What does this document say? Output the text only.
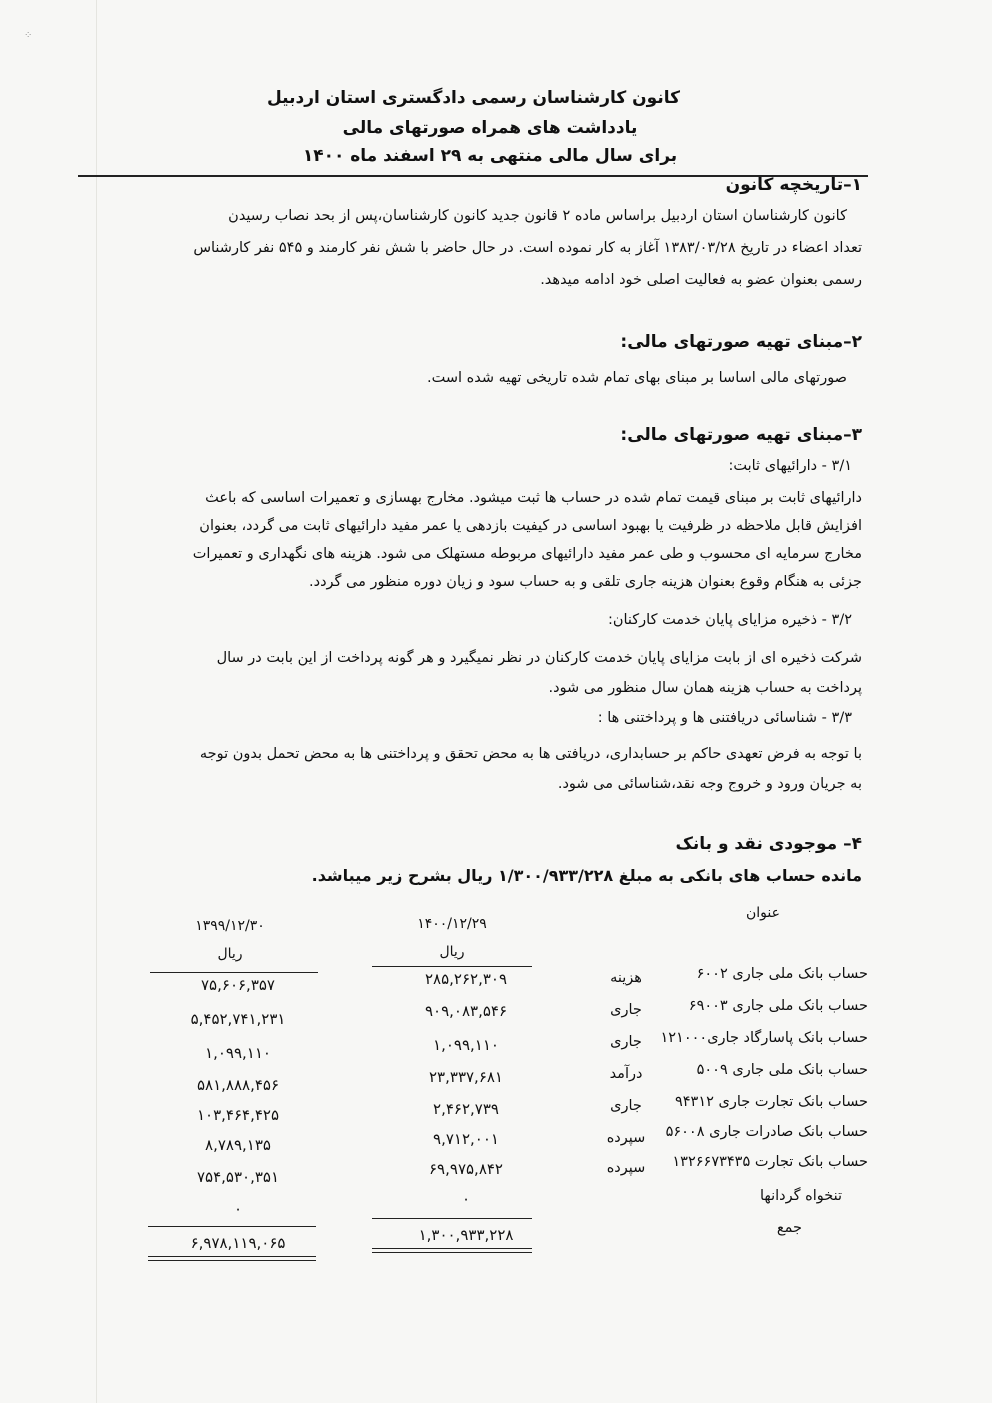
⁘
کانون کارشناسان رسمی دادگستری استان اردبیل
یادداشت های همراه صورتهای مالی
برای سال مالی منتهی به ۲۹ اسفند ماه ۱۴۰۰
۱–تاریخچه کانون
کانون کارشناسان استان اردبیل براساس ماده ۲ قانون جدید کانون کارشناسان،پس از بحد نصاب رسیدن
تعداد اعضاء در تاریخ ۱۳۸۳/۰۳/۲۸ آغاز به کار نموده است. در حال حاضر با شش نفر کارمند و ۵۴۵ نفر کارشناس
رسمی بعنوان عضو به فعالیت اصلی خود ادامه میدهد.
۲–مبنای تهیه صورتهای مالی:
صورتهای مالی اساسا بر مبنای بهای تمام شده تاریخی تهیه شده است.
۳–مبنای تهیه صورتهای مالی:
۳/۱ - دارائیهای ثابت:
دارائیهای ثابت بر مبنای قیمت تمام شده در حساب ها ثبت میشود. مخارج بهسازی و تعمیرات اساسی که باعث
افزایش قابل ملاحظه در ظرفیت یا بهبود اساسی در کیفیت بازدهی یا عمر مفید دارائیهای ثابت می گردد، بعنوان
مخارج سرمایه ای محسوب و طی عمر مفید دارائیهای مربوطه مستهلک می شود. هزینه های نگهداری و تعمیرات
جزئی به هنگام وقوع بعنوان هزینه جاری تلقی و به حساب سود و زیان دوره منظور می گردد.
۳/۲ - ذخیره مزایای پایان خدمت کارکنان:
شرکت ذخیره ای از بابت مزایای پایان خدمت کارکنان در نظر نمیگیرد و هر گونه پرداخت از این بابت در سال
پرداخت به حساب هزینه همان سال منظور می شود.
۳/۳ - شناسائی دریافتنی ها و پرداختنی ها :
با توجه به فرض تعهدی حاکم بر حسابداری، دریافتی ها به محض تحقق و پرداختنی ها به محض تحمل بدون توجه
به جریان ورود و خروج وجه نقد،شناسائی می شود.
۴– موجودی نقد و بانک
مانده حساب های بانکی به مبلغ ۱/۳۰۰/۹۳۳/۲۲۸ ریال بشرح زیر میباشد.
عنوان
۱۴۰۰/۱۲/۲۹
ریال
۱۳۹۹/۱۲/۳۰
ریال
حساب بانک ملی جاری ۶۰۰۲
هزینه
۲۸۵,۲۶۲,۳۰۹
۷۵,۶۰۶,۳۵۷
حساب بانک ملی جاری ۶۹۰۰۳
جاری
۹۰۹,۰۸۳,۵۴۶
۵,۴۵۲,۷۴۱,۲۳۱
حساب بانک پاسارگاد جاری۱۲۱۰۰۰
جاری
۱,۰۹۹,۱۱۰
۱,۰۹۹,۱۱۰
حساب بانک ملی جاری ۵۰۰۹
درآمد
۲۳,۳۳۷,۶۸۱
۵۸۱,۸۸۸,۴۵۶
حساب بانک تجارت جاری ۹۴۳۱۲
جاری
۲,۴۶۲,۷۳۹
۱۰۳,۴۶۴,۴۲۵
حساب بانک صادرات جاری ۵۶۰۰۸
سپرده
۹,۷۱۲,۰۰۱
۸,۷۸۹,۱۳۵
حساب بانک تجارت ۱۳۲۶۶۷۳۴۳۵
سپرده
۶۹,۹۷۵,۸۴۲
۷۵۴,۵۳۰,۳۵۱
تنخواه گردانها
۰
۰
جمع
۱,۳۰۰,۹۳۳,۲۲۸
۶,۹۷۸,۱۱۹,۰۶۵
